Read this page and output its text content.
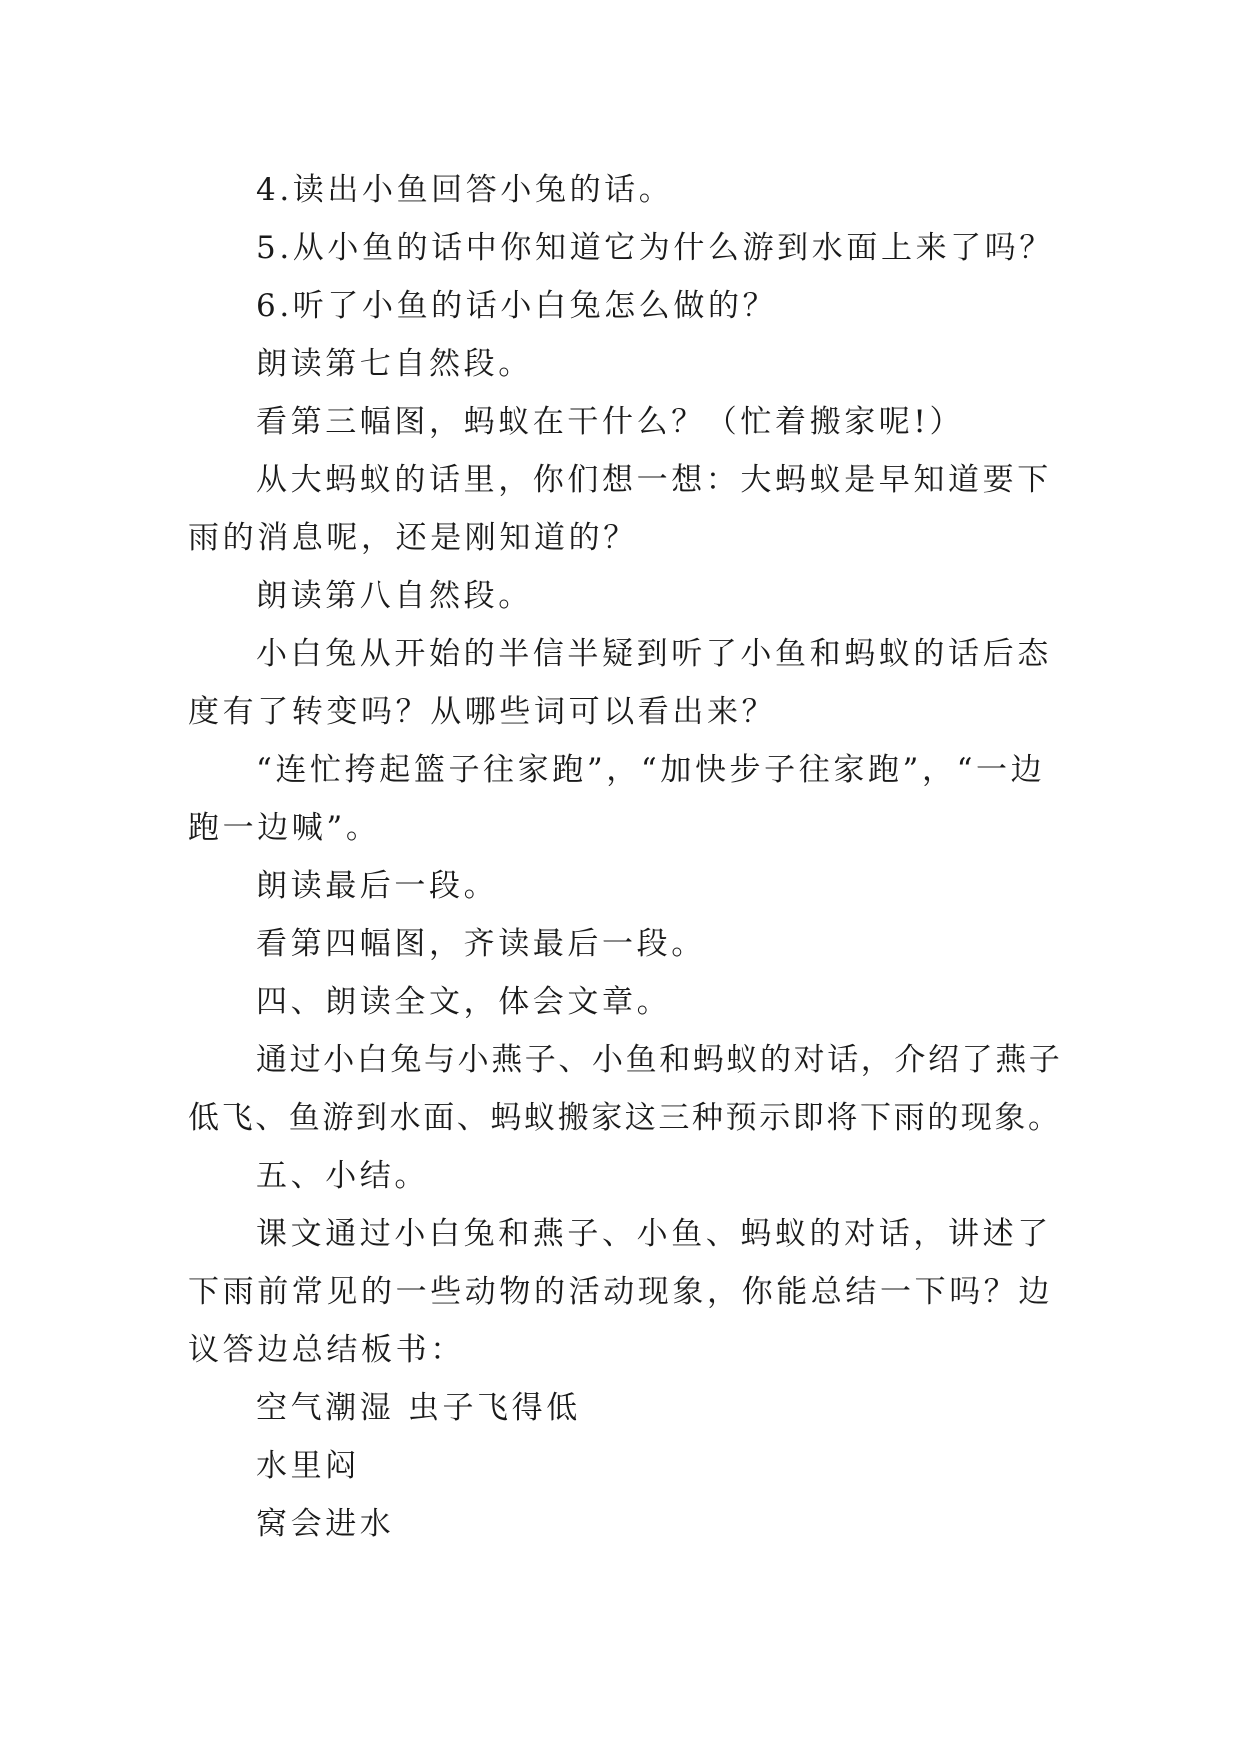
4.读出小鱼回答小兔的话。

5.从小鱼的话中你知道它为什么游到水面上来了吗？

6.听了小鱼的话小白兔怎么做的？

朗读第七自然段。

看第三幅图，蚂蚁在干什么？（忙着搬家呢!）

从大蚂蚁的话里，你们想一想：大蚂蚁是早知道要下雨的消息呢，还是刚知道的？

朗读第八自然段。

小白兔从开始的半信半疑到听了小鱼和蚂蚁的话后态度有了转变吗？从哪些词可以看出来？

“连忙挎起篮子往家跑”，“加快步子往家跑”，“一边跑一边喊”。

朗读最后一段。

看第四幅图，齐读最后一段。

四、朗读全文，体会文章。

通过小白兔与小燕子、小鱼和蚂蚁的对话，介绍了燕子低飞、鱼游到水面、蚂蚁搬家这三种预示即将下雨的现象。

五、小结。

课文通过小白兔和燕子、小鱼、蚂蚁的对话，讲述了下雨前常见的一些动物的活动现象，你能总结一下吗？边议答边总结板书：

空气潮湿 虫子飞得低

水里闷

窝会进水
